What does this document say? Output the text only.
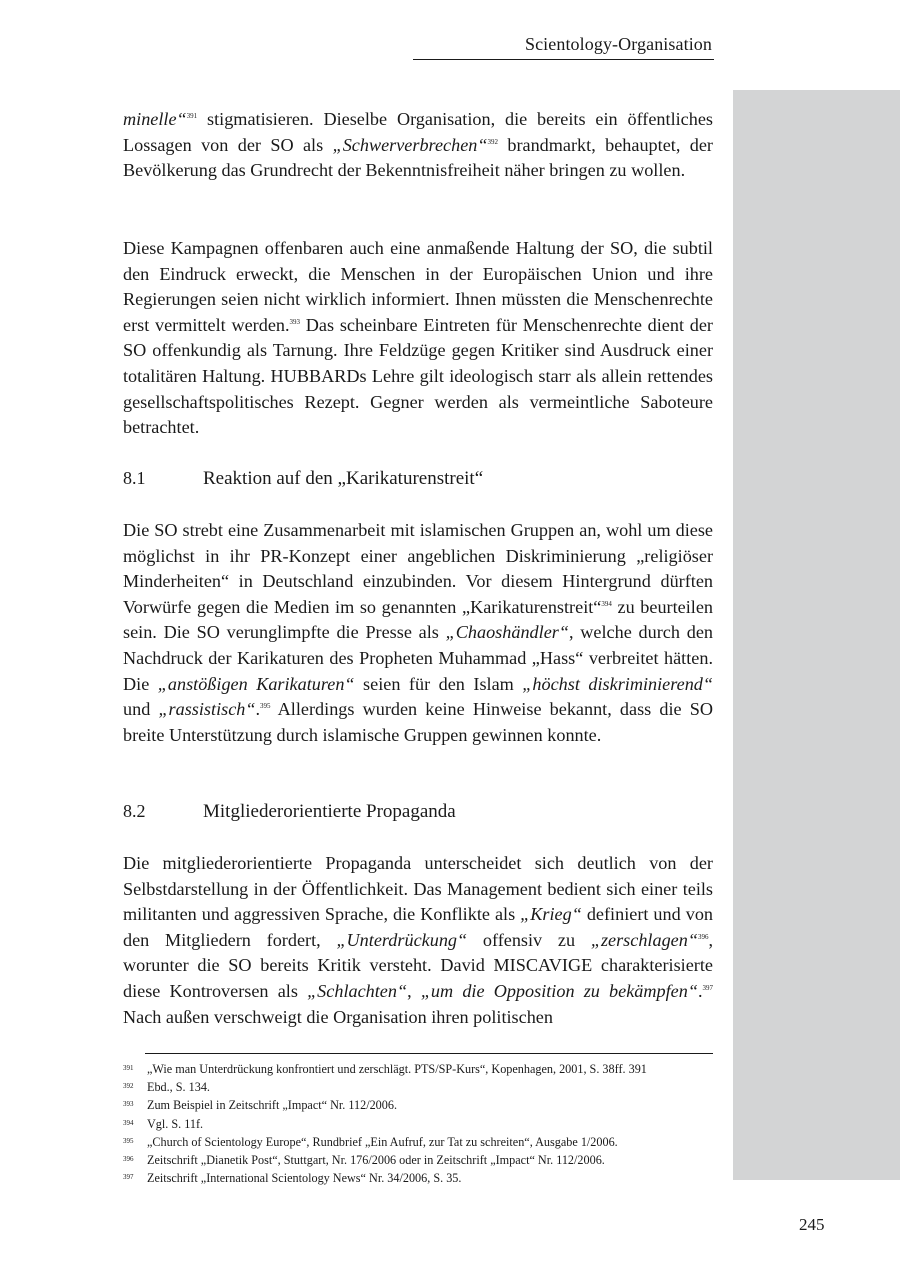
Scientology-Organisation

minelle“$^{391}$ stigmatisieren. Dieselbe Organisation, die bereits ein öffentliches Lossagen von der SO als „Schwerverbrechen“$^{392}$ brandmarkt, behauptet, der Bevölkerung das Grundrecht der Bekenntnisfreiheit näher bringen zu wollen.

Diese Kampagnen offenbaren auch eine anmaßende Haltung der SO, die subtil den Eindruck erweckt, die Menschen in der Europäischen Union und ihre Regierungen seien nicht wirklich informiert. Ihnen müssten die Menschenrechte erst vermittelt werden.$^{393}$ Das scheinbare Eintreten für Menschenrechte dient der SO offenkundig als Tarnung. Ihre Feldzüge gegen Kritiker sind Ausdruck einer totalitären Haltung. HUBBARDs Lehre gilt ideologisch starr als allein rettendes gesellschaftspolitisches Rezept. Gegner werden als vermeintliche Saboteure betrachtet.

8.1	Reaktion auf den „Karikaturenstreit“

Die SO strebt eine Zusammenarbeit mit islamischen Gruppen an, wohl um diese möglichst in ihr PR-Konzept einer angeblichen Diskriminierung „religiöser Minderheiten“ in Deutschland einzubinden. Vor diesem Hintergrund dürften Vorwürfe gegen die Medien im so genannten „Karikaturenstreit“$^{394}$ zu beurteilen sein. Die SO verunglimpfte die Presse als „Chaoshändler“, welche durch den Nachdruck der Karikaturen des Propheten Muhammad „Hass“ verbreitet hätten. Die „anstößigen Karikaturen“ seien für den Islam „höchst diskriminierend“ und „rassistisch“.$^{395}$ Allerdings wurden keine Hinweise bekannt, dass die SO breite Unterstützung durch islamische Gruppen gewinnen konnte.

8.2	Mitgliederorientierte Propaganda

Die mitgliederorientierte Propaganda unterscheidet sich deutlich von der Selbstdarstellung in der Öffentlichkeit. Das Management bedient sich einer teils militanten und aggressiven Sprache, die Konflikte als „Krieg“ definiert und von den Mitgliedern fordert, „Unterdrückung“ offensiv zu „zerschlagen“$^{396}$, worunter die SO bereits Kritik versteht. David MISCAVIGE charakterisierte diese Kontroversen als „Schlachten“, „um die Opposition zu bekämpfen“.$^{397}$ Nach außen verschweigt die Organisation ihren politischen

391 „Wie man Unterdrückung konfrontiert und zerschlägt. PTS/SP-Kurs“, Kopenhagen, 2001, S. 38ff. 391
392 Ebd., S. 134.
393 Zum Beispiel in Zeitschrift „Impact“ Nr. 112/2006.
394 Vgl. S. 11f.
395 „Church of Scientology Europe“, Rundbrief „Ein Aufruf, zur Tat zu schreiten“, Ausgabe 1/2006.
396 Zeitschrift „Dianetik Post“, Stuttgart, Nr. 176/2006 oder in Zeitschrift „Impact“ Nr. 112/2006.
397 Zeitschrift „International Scientology News“ Nr. 34/2006, S. 35.
245
